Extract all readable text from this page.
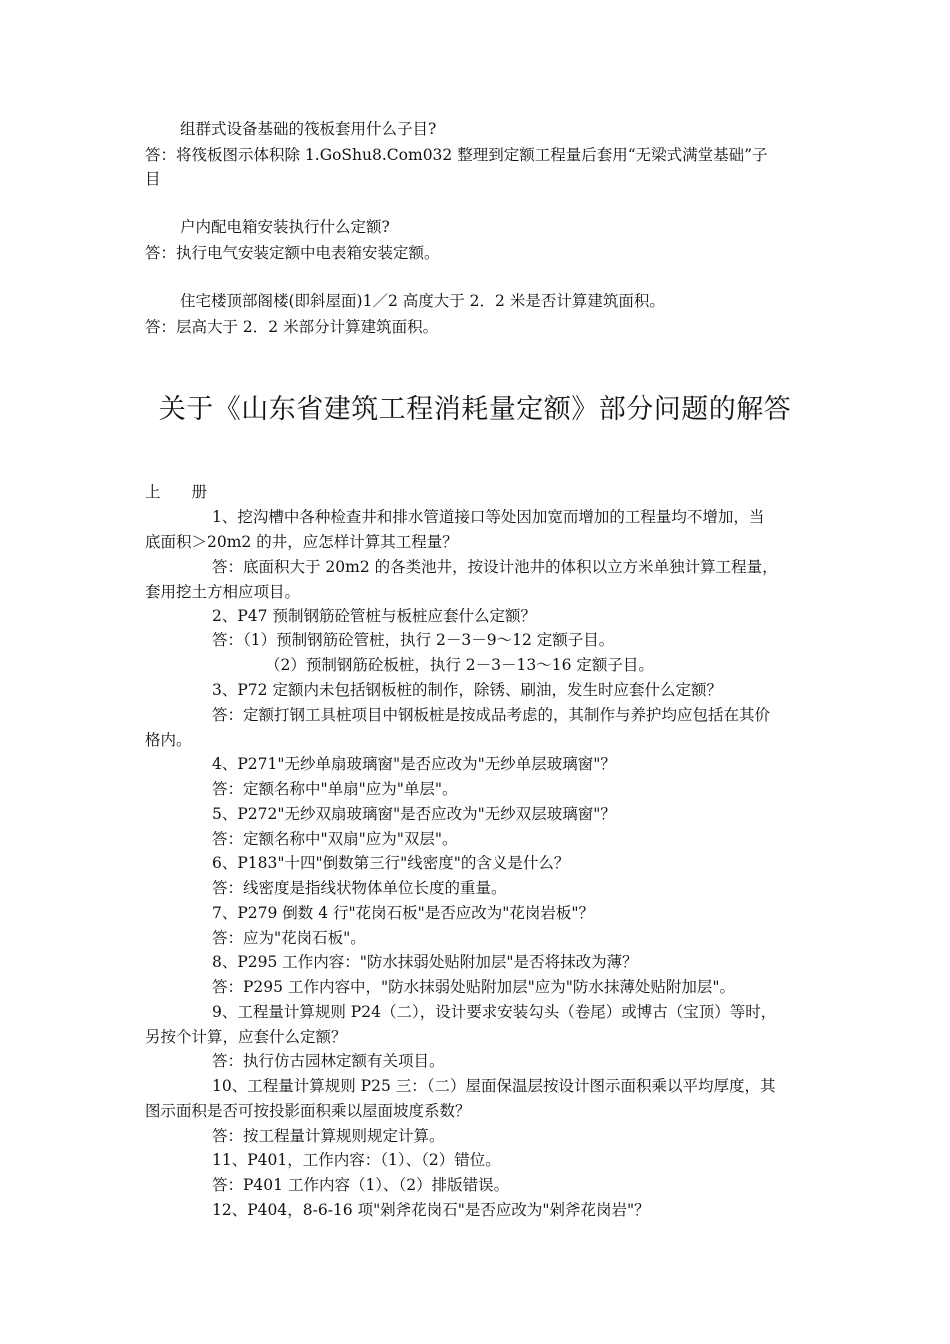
组群式设备基础的筏板套用什么子目?
答：将筏板图示体积除 1.GoShu8.Com032 整理到定额工程量后套用“无梁式满堂基础”子
目
户内配电箱安装执行什么定额?
答：执行电气安装定额中电表箱安装定额。
住宅楼顶部阁楼(即斜屋面)1／2 高度大于 2．2 米是否计算建筑面积。
答：层高大于 2．2 米部分计算建筑面积。
关于《山东省建筑工程消耗量定额》部分问题的解答
上　　册
1、挖沟槽中各种检查井和排水管道接口等处因加宽而增加的工程量均不增加，当
底面积＞20m2 的井，应怎样计算其工程量？
答：底面积大于 20m2 的各类池井，按设计池井的体积以立方米单独计算工程量，
套用挖土方相应项目。
2、P47 预制钢筋砼管桩与板桩应套什么定额？
答：（1）预制钢筋砼管桩，执行 2－3－9～12 定额子目。
（2）预制钢筋砼板桩，执行 2－3－13～16 定额子目。
3、P72 定额内未包括钢板桩的制作，除锈、刷油，发生时应套什么定额？
答：定额打钢工具桩项目中钢板桩是按成品考虑的，其制作与养护均应包括在其价
格内。
4、P271"无纱单扇玻璃窗"是否应改为"无纱单层玻璃窗"？
答：定额名称中"单扇"应为"单层"。
5、P272"无纱双扇玻璃窗"是否应改为"无纱双层玻璃窗"？
答：定额名称中"双扇"应为"双层"。
6、P183"十四"倒数第三行"线密度"的含义是什么？
答：线密度是指线状物体单位长度的重量。
7、P279 倒数 4 行"花岗石板"是否应改为"花岗岩板"？
答：应为"花岗石板"。
8、P295 工作内容："防水抹弱处贴附加层"是否将抹改为薄？
答：P295 工作内容中，"防水抹弱处贴附加层"应为"防水抹薄处贴附加层"。
9、工程量计算规则 P24（二），设计要求安装勾头（卷尾）或博古（宝顶）等时，
另按个计算，应套什么定额？
答：执行仿古园林定额有关项目。
10、工程量计算规则 P25 三：（二）屋面保温层按设计图示面积乘以平均厚度，其
图示面积是否可按投影面积乘以屋面坡度系数？
答：按工程量计算规则规定计算。
11、P401，工作内容：（1）、（2）错位。
答：P401 工作内容（1）、（2）排版错误。
12、P404，8-6-16 项"剁斧花岗石"是否应改为"剁斧花岗岩"？
